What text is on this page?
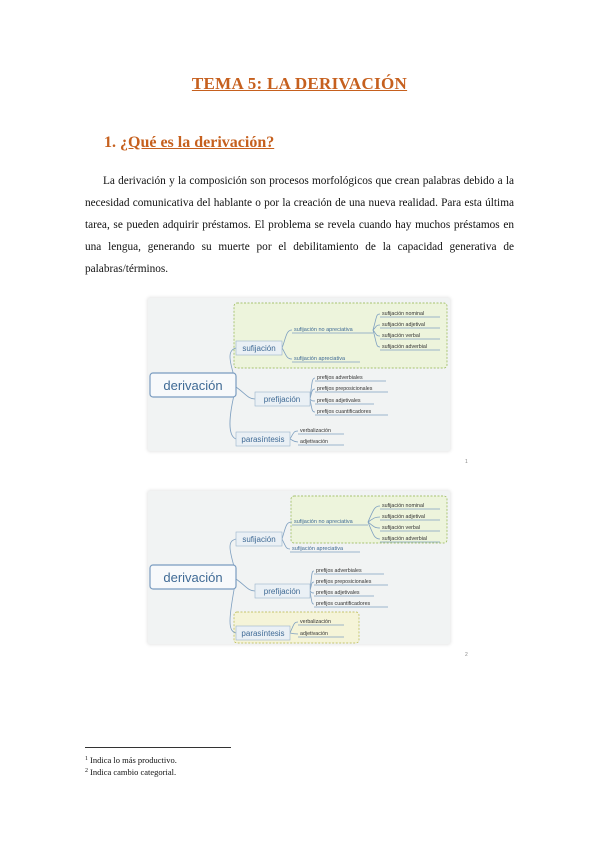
TEMA 5: LA DERIVACIÓN
1. ¿Qué es la derivación?
La derivación y la composición son procesos morfológicos que crean palabras debido a la necesidad comunicativa del hablante o por la creación de una nueva realidad. Para esta última tarea, se pueden adquirir préstamos. El problema se revela cuando hay muchos préstamos en una lengua, generando su muerte por el debilitamiento de la capacidad generativa de palabras/términos.
derivación
sufijación
prefijación
parasíntesis
sufijación no apreciativa
sufijación apreciativa
sufijación nominal
sufijación adjetival
sufijación verbal
sufijación adverbial
prefijos adverbiales
prefijos preposicionales
prefijos adjetivales
prefijos cuantificadores
verbalización
adjetivación
1
derivación
sufijación
prefijación
parasíntesis
sufijación no apreciativa
sufijación apreciativa
sufijación nominal
sufijación adjetival
sufijación verbal
sufijación adverbial
prefijos adverbiales
prefijos preposicionales
prefijos adjetivales
prefijos cuantificadores
verbalización
adjetivación
2
$^1$ Indica lo más productivo.
$^2$ Indica cambio categorial.
